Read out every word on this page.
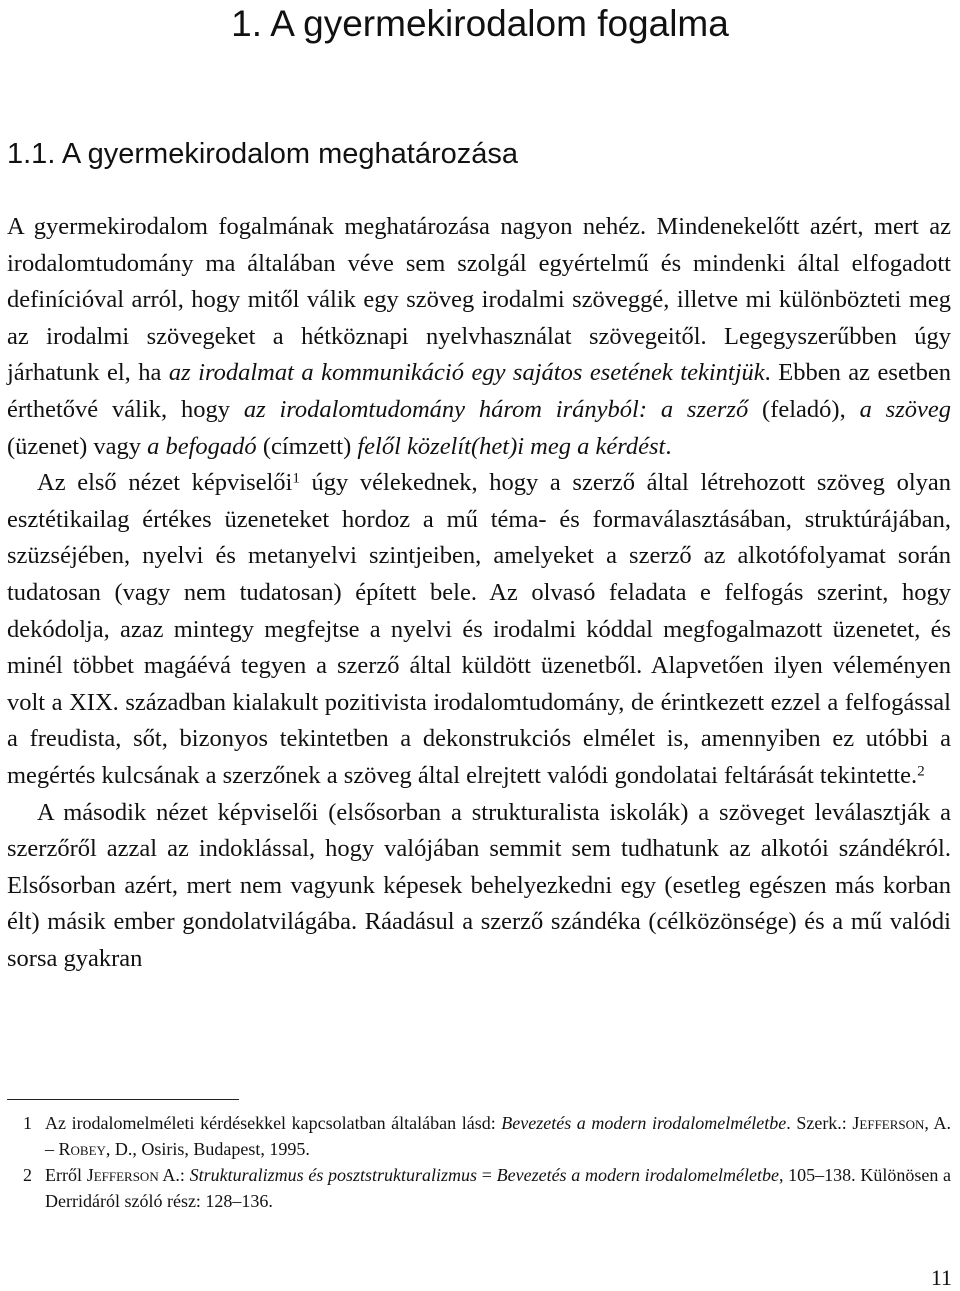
1. A gyermekirodalom fogalma
1.1. A gyermekirodalom meghatározása

A gyermekirodalom fogalmának meghatározása nagyon nehéz. Mindenekelőtt azért, mert az irodalomtudomány ma általában véve sem szolgál egyértelmű és mindenki által elfogadott definícióval arról, hogy mitől válik egy szöveg irodalmi szöveggé, illetve mi különbözteti meg az irodalmi szövegeket a hétköznapi nyelvhasználat szövegeitől. Legegyszerűbben úgy járhatunk el, ha az irodalmat a kommunikáció egy sajátos esetének tekintjük. Ebben az esetben érthetővé válik, hogy az irodalomtudomány három irányból: a szerző (feladó), a szöveg (üzenet) vagy a befogadó (címzett) felől közelít(het)i meg a kérdést.

Az első nézet képviselői$^1$ úgy vélekednek, hogy a szerző által létrehozott szöveg olyan esztétikailag értékes üzeneteket hordoz a mű téma- és formaválasztásában, struktúrájában, szüzséjében, nyelvi és metanyelvi szintjeiben, amelyeket a szerző az alkotófolyamat során tudatosan (vagy nem tudatosan) épített bele. Az olvasó feladata e felfogás szerint, hogy dekódolja, azaz mintegy megfejtse a nyelvi és irodalmi kóddal megfogalmazott üzenetet, és minél többet magáévá tegyen a szerző által küldött üzenetből. Alapvetően ilyen véleményen volt a XIX. században kialakult pozitivista irodalomtudomány, de érintkezett ezzel a felfogással a freudista, sőt, bizonyos tekintetben a dekonstrukciós elmélet is, amennyiben ez utóbbi a megértés kulcsának a szerzőnek a szöveg által elrejtett valódi gondolatai feltárását tekintette.$^2$

A második nézet képviselői (elsősorban a strukturalista iskolák) a szöveget leválasztják a szerzőről azzal az indoklással, hogy valójában semmit sem tudhatunk az alkotói szándékról. Elsősorban azért, mert nem vagyunk képesek behelyezkedni egy (esetleg egészen más korban élt) másik ember gondolatvilágába. Ráadásul a szerző szándéka (célközönsége) és a mű valódi sorsa gyakran

1 Az irodalomelméleti kérdésekkel kapcsolatban általában lásd: Bevezetés a modern irodalomelméletbe. Szerk.: Jefferson, A. – Robey, D., Osiris, Budapest, 1995.
2 Erről Jefferson A.: Strukturalizmus és posztstrukturalizmus = Bevezetés a modern irodalomelméletbe, 105–138. Különösen a Derridáról szóló rész: 128–136.
11
